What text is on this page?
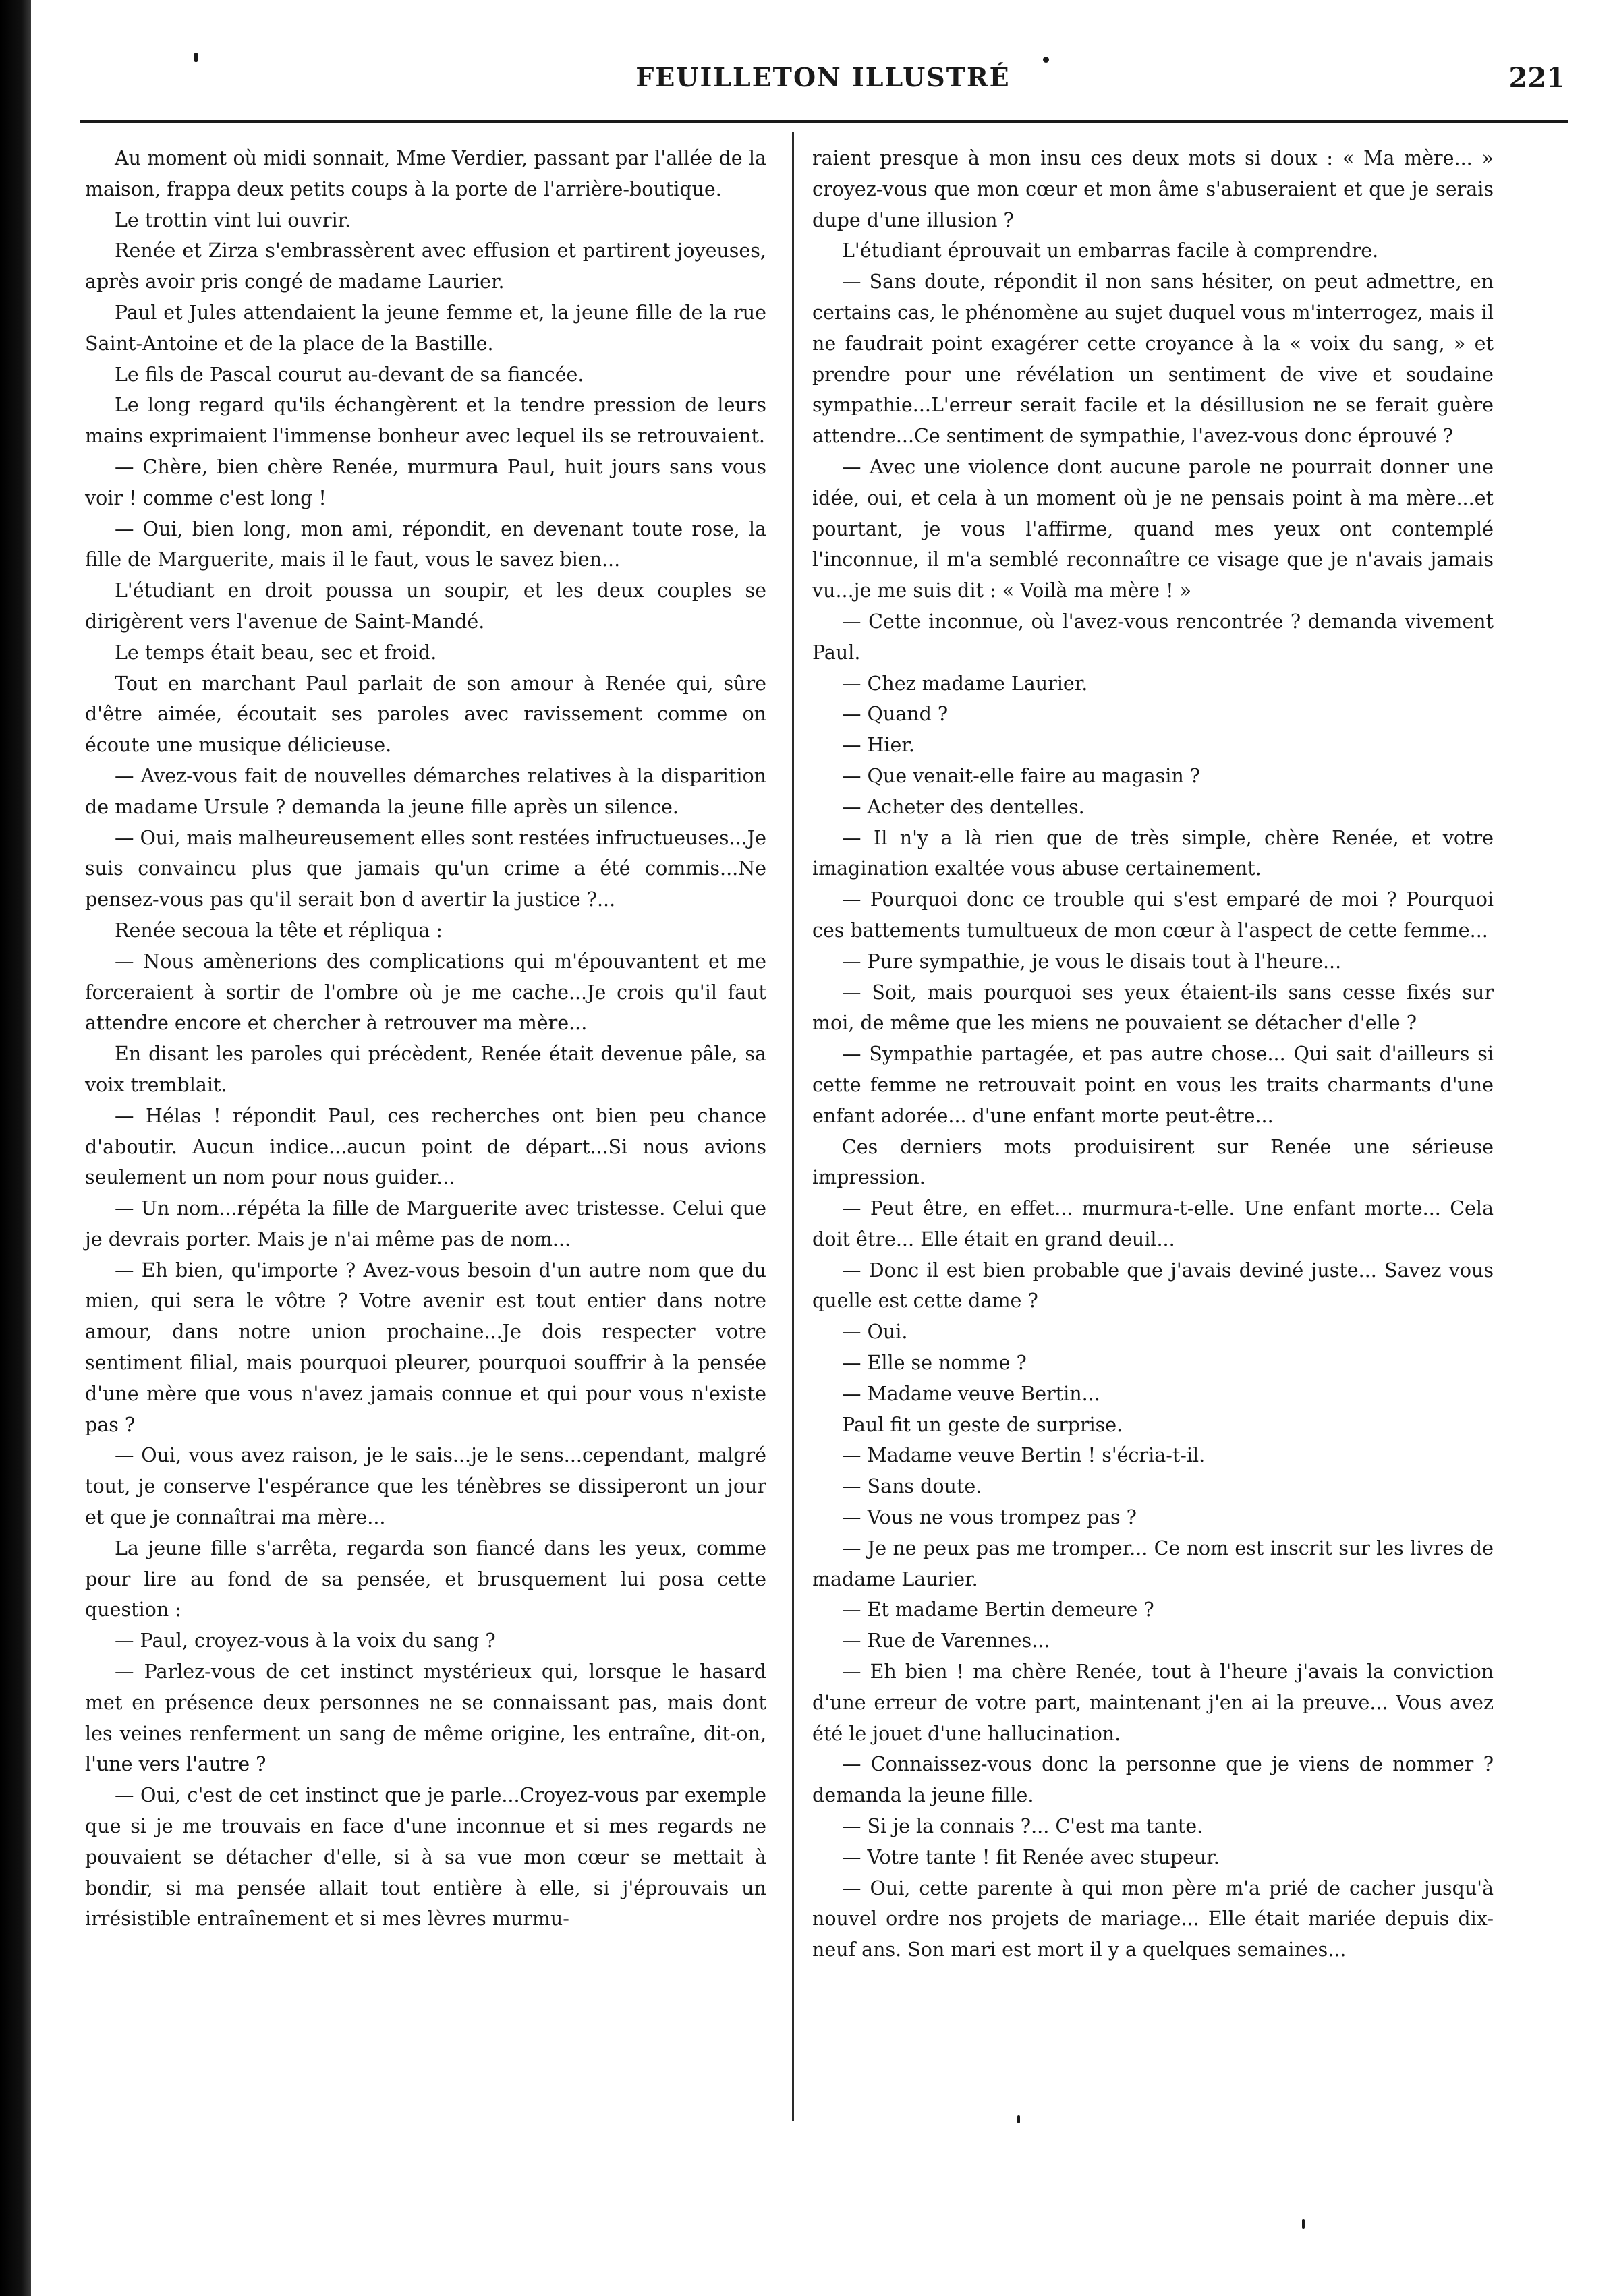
FEUILLETON ILLUSTRÉ	221

Au moment où midi sonnait, Mme Verdier, passant par l'allée de la maison, frappa deux petits coups à la porte de l'arrière-boutique.

Le trottin vint lui ouvrir.

Renée et Zirza s'embrassèrent avec effusion et partirent joyeuses, après avoir pris congé de madame Laurier.

Paul et Jules attendaient la jeune femme et, la jeune fille de la rue Saint-Antoine et de la place de la Bastille.

Le fils de Pascal courut au-devant de sa fiancée.

Le long regard qu'ils échangèrent et la tendre pression de leurs mains exprimaient l'immense bonheur avec lequel ils se retrouvaient.

— Chère, bien chère Renée, murmura Paul, huit jours sans vous voir ! comme c'est long !

— Oui, bien long, mon ami, répondit, en devenant toute rose, la fille de Marguerite, mais il le faut, vous le savez bien...

L'étudiant en droit poussa un soupir, et les deux couples se dirigèrent vers l'avenue de Saint-Mandé.

Le temps était beau, sec et froid.

Tout en marchant Paul parlait de son amour à Renée qui, sûre d'être aimée, écoutait ses paroles avec ravissement comme on écoute une musique délicieuse.

— Avez-vous fait de nouvelles démarches relatives à la disparition de madame Ursule ? demanda la jeune fille après un silence.

— Oui, mais malheureusement elles sont restées infructueuses...Je suis convaincu plus que jamais qu'un crime a été commis...Ne pensez-vous pas qu'il serait bon d avertir la justice ?...

Renée secoua la tête et répliqua :

— Nous amènerions des complications qui m'épouvantent et me forceraient à sortir de l'ombre où je me cache...Je crois qu'il faut attendre encore et chercher à retrouver ma mère...

En disant les paroles qui précèdent, Renée était devenue pâle, sa voix tremblait.

— Hélas ! répondit Paul, ces recherches ont bien peu chance d'aboutir. Aucun indice...aucun point de départ...Si nous avions seulement un nom pour nous guider...

— Un nom...répéta la fille de Marguerite avec tristesse. Celui que je devrais porter. Mais je n'ai même pas de nom...

— Eh bien, qu'importe ? Avez-vous besoin d'un autre nom que du mien, qui sera le vôtre ? Votre avenir est tout entier dans notre amour, dans notre union prochaine...Je dois respecter votre sentiment filial, mais pourquoi pleurer, pourquoi souffrir à la pensée d'une mère que vous n'avez jamais connue et qui pour vous n'existe pas ?

— Oui, vous avez raison, je le sais...je le sens...cependant, malgré tout, je conserve l'espérance que les ténèbres se dissiperont un jour et que je connaîtrai ma mère...

La jeune fille s'arrêta, regarda son fiancé dans les yeux, comme pour lire au fond de sa pensée, et brusquement lui posa cette question :

— Paul, croyez-vous à la voix du sang ?

— Parlez-vous de cet instinct mystérieux qui, lorsque le hasard met en présence deux personnes ne se connaissant pas, mais dont les veines renferment un sang de même origine, les entraîne, dit-on, l'une vers l'autre ?

— Oui, c'est de cet instinct que je parle...Croyez-vous par exemple que si je me trouvais en face d'une inconnue et si mes regards ne pouvaient se détacher d'elle, si à sa vue mon cœur se mettait à bondir, si ma pensée allait tout entière à elle, si j'éprouvais un irrésistible entraînement et si mes lèvres murmu-

raient presque à mon insu ces deux mots si doux : « Ma mère... » croyez-vous que mon cœur et mon âme s'abuseraient et que je serais dupe d'une illusion ?

L'étudiant éprouvait un embarras facile à comprendre.

— Sans doute, répondit il non sans hésiter, on peut admettre, en certains cas, le phénomène au sujet duquel vous m'interrogez, mais il ne faudrait point exagérer cette croyance à la « voix du sang, » et prendre pour une révélation un sentiment de vive et soudaine sympathie...L'erreur serait facile et la désillusion ne se ferait guère attendre...Ce sentiment de sympathie, l'avez-vous donc éprouvé ?

— Avec une violence dont aucune parole ne pourrait donner une idée, oui, et cela à un moment où je ne pensais point à ma mère...et pourtant, je vous l'affirme, quand mes yeux ont contemplé l'inconnue, il m'a semblé reconnaître ce visage que je n'avais jamais vu...je me suis dit : « Voilà ma mère ! »

— Cette inconnue, où l'avez-vous rencontrée ? demanda vivement Paul.

— Chez madame Laurier.

— Quand ?

— Hier.

— Que venait-elle faire au magasin ?

— Acheter des dentelles.

— Il n'y a là rien que de très simple, chère Renée, et votre imagination exaltée vous abuse certainement.

— Pourquoi donc ce trouble qui s'est emparé de moi ? Pourquoi ces battements tumultueux de mon cœur à l'aspect de cette femme...

— Pure sympathie, je vous le disais tout à l'heure...

— Soit, mais pourquoi ses yeux étaient-ils sans cesse fixés sur moi, de même que les miens ne pouvaient se détacher d'elle ?

— Sympathie partagée, et pas autre chose... Qui sait d'ailleurs si cette femme ne retrouvait point en vous les traits charmants d'une enfant adorée... d'une enfant morte peut-être...

Ces derniers mots produisirent sur Renée une sérieuse impression.

— Peut être, en effet... murmura-t-elle. Une enfant morte... Cela doit être... Elle était en grand deuil...

— Donc il est bien probable que j'avais deviné juste... Savez vous quelle est cette dame ?

— Oui.

— Elle se nomme ?

— Madame veuve Bertin...

Paul fit un geste de surprise.

— Madame veuve Bertin ! s'écria-t-il.

— Sans doute.

— Vous ne vous trompez pas ?

— Je ne peux pas me tromper... Ce nom est inscrit sur les livres de madame Laurier.

— Et madame Bertin demeure ?

— Rue de Varennes...

— Eh bien ! ma chère Renée, tout à l'heure j'avais la conviction d'une erreur de votre part, maintenant j'en ai la preuve... Vous avez été le jouet d'une hallucination.

— Connaissez-vous donc la personne que je viens de nommer ? demanda la jeune fille.

— Si je la connais ?... C'est ma tante.

— Votre tante ! fit Renée avec stupeur.

— Oui, cette parente à qui mon père m'a prié de cacher jusqu'à nouvel ordre nos projets de mariage... Elle était mariée depuis dix-neuf ans. Son mari est mort il y a quelques semaines...
